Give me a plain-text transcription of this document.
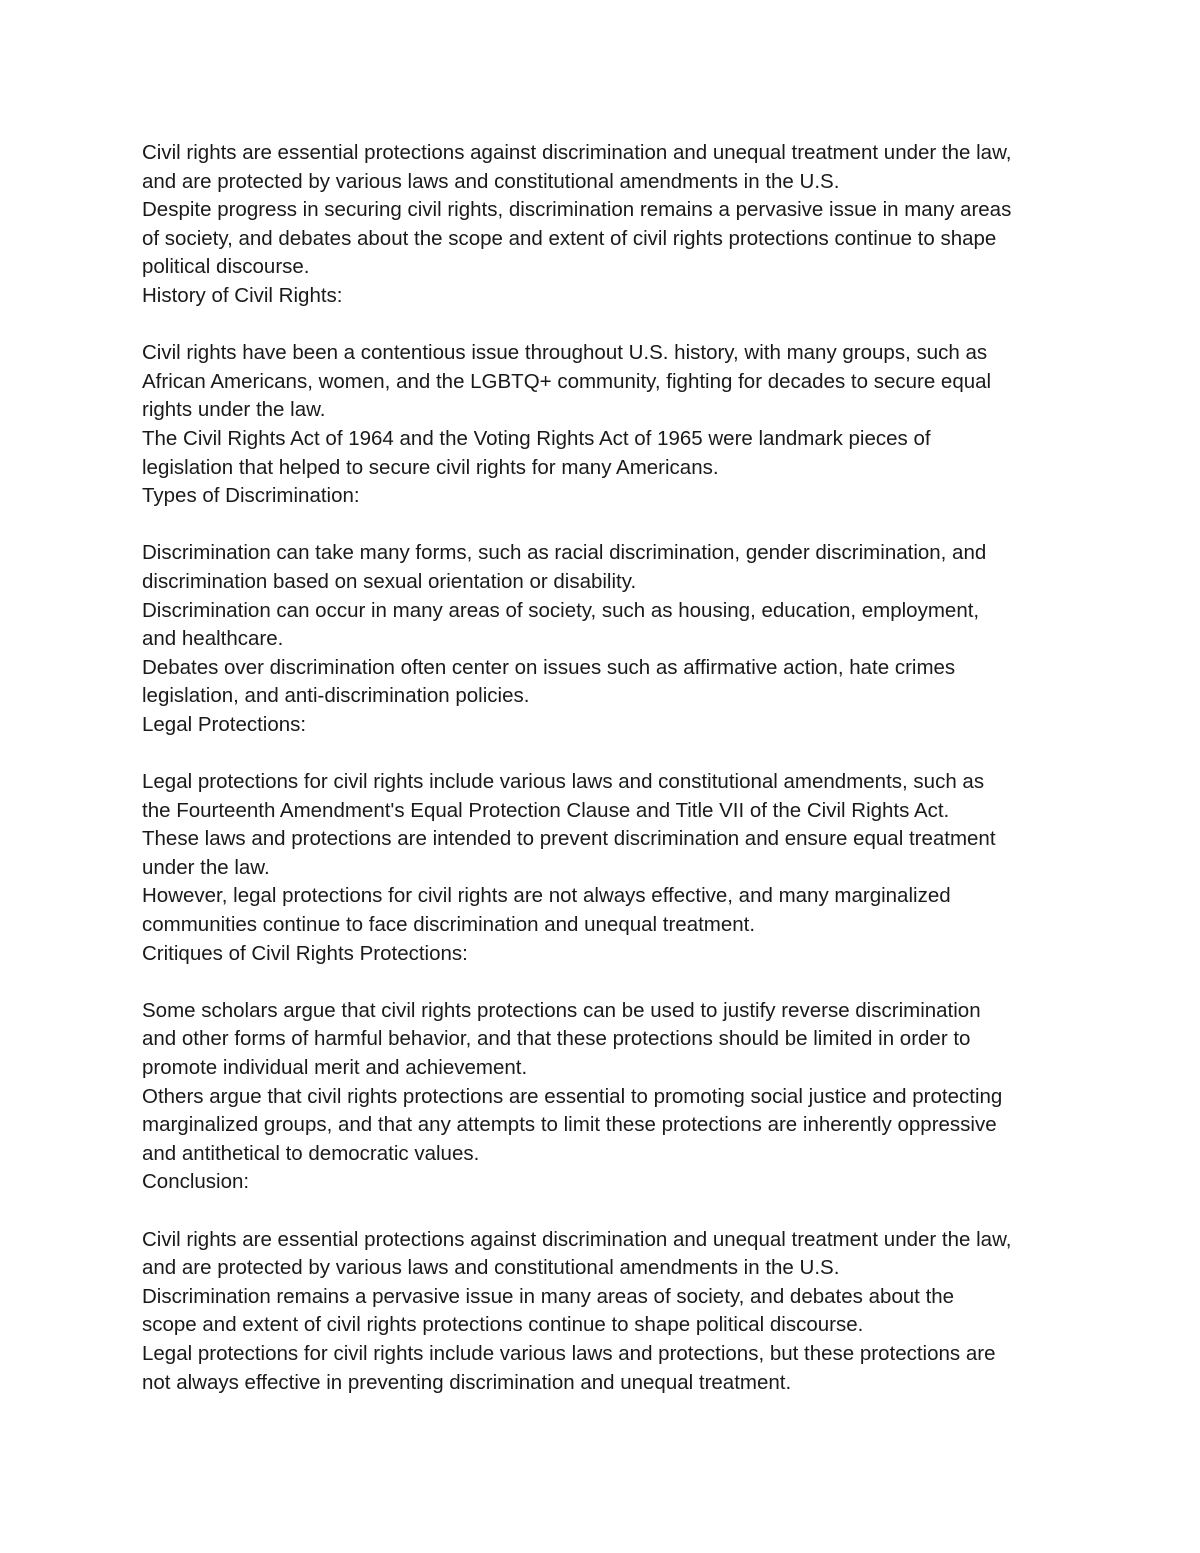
Civil rights are essential protections against discrimination and unequal treatment under the law,
and are protected by various laws and constitutional amendments in the U.S.
Despite progress in securing civil rights, discrimination remains a pervasive issue in many areas
of society, and debates about the scope and extent of civil rights protections continue to shape
political discourse.
History of Civil Rights:
Civil rights have been a contentious issue throughout U.S. history, with many groups, such as
African Americans, women, and the LGBTQ+ community, fighting for decades to secure equal
rights under the law.
The Civil Rights Act of 1964 and the Voting Rights Act of 1965 were landmark pieces of
legislation that helped to secure civil rights for many Americans.
Types of Discrimination:
Discrimination can take many forms, such as racial discrimination, gender discrimination, and
discrimination based on sexual orientation or disability.
Discrimination can occur in many areas of society, such as housing, education, employment,
and healthcare.
Debates over discrimination often center on issues such as affirmative action, hate crimes
legislation, and anti-discrimination policies.
Legal Protections:
Legal protections for civil rights include various laws and constitutional amendments, such as
the Fourteenth Amendment's Equal Protection Clause and Title VII of the Civil Rights Act.
These laws and protections are intended to prevent discrimination and ensure equal treatment
under the law.
However, legal protections for civil rights are not always effective, and many marginalized
communities continue to face discrimination and unequal treatment.
Critiques of Civil Rights Protections:
Some scholars argue that civil rights protections can be used to justify reverse discrimination
and other forms of harmful behavior, and that these protections should be limited in order to
promote individual merit and achievement.
Others argue that civil rights protections are essential to promoting social justice and protecting
marginalized groups, and that any attempts to limit these protections are inherently oppressive
and antithetical to democratic values.
Conclusion:
Civil rights are essential protections against discrimination and unequal treatment under the law,
and are protected by various laws and constitutional amendments in the U.S.
Discrimination remains a pervasive issue in many areas of society, and debates about the
scope and extent of civil rights protections continue to shape political discourse.
Legal protections for civil rights include various laws and protections, but these protections are
not always effective in preventing discrimination and unequal treatment.
